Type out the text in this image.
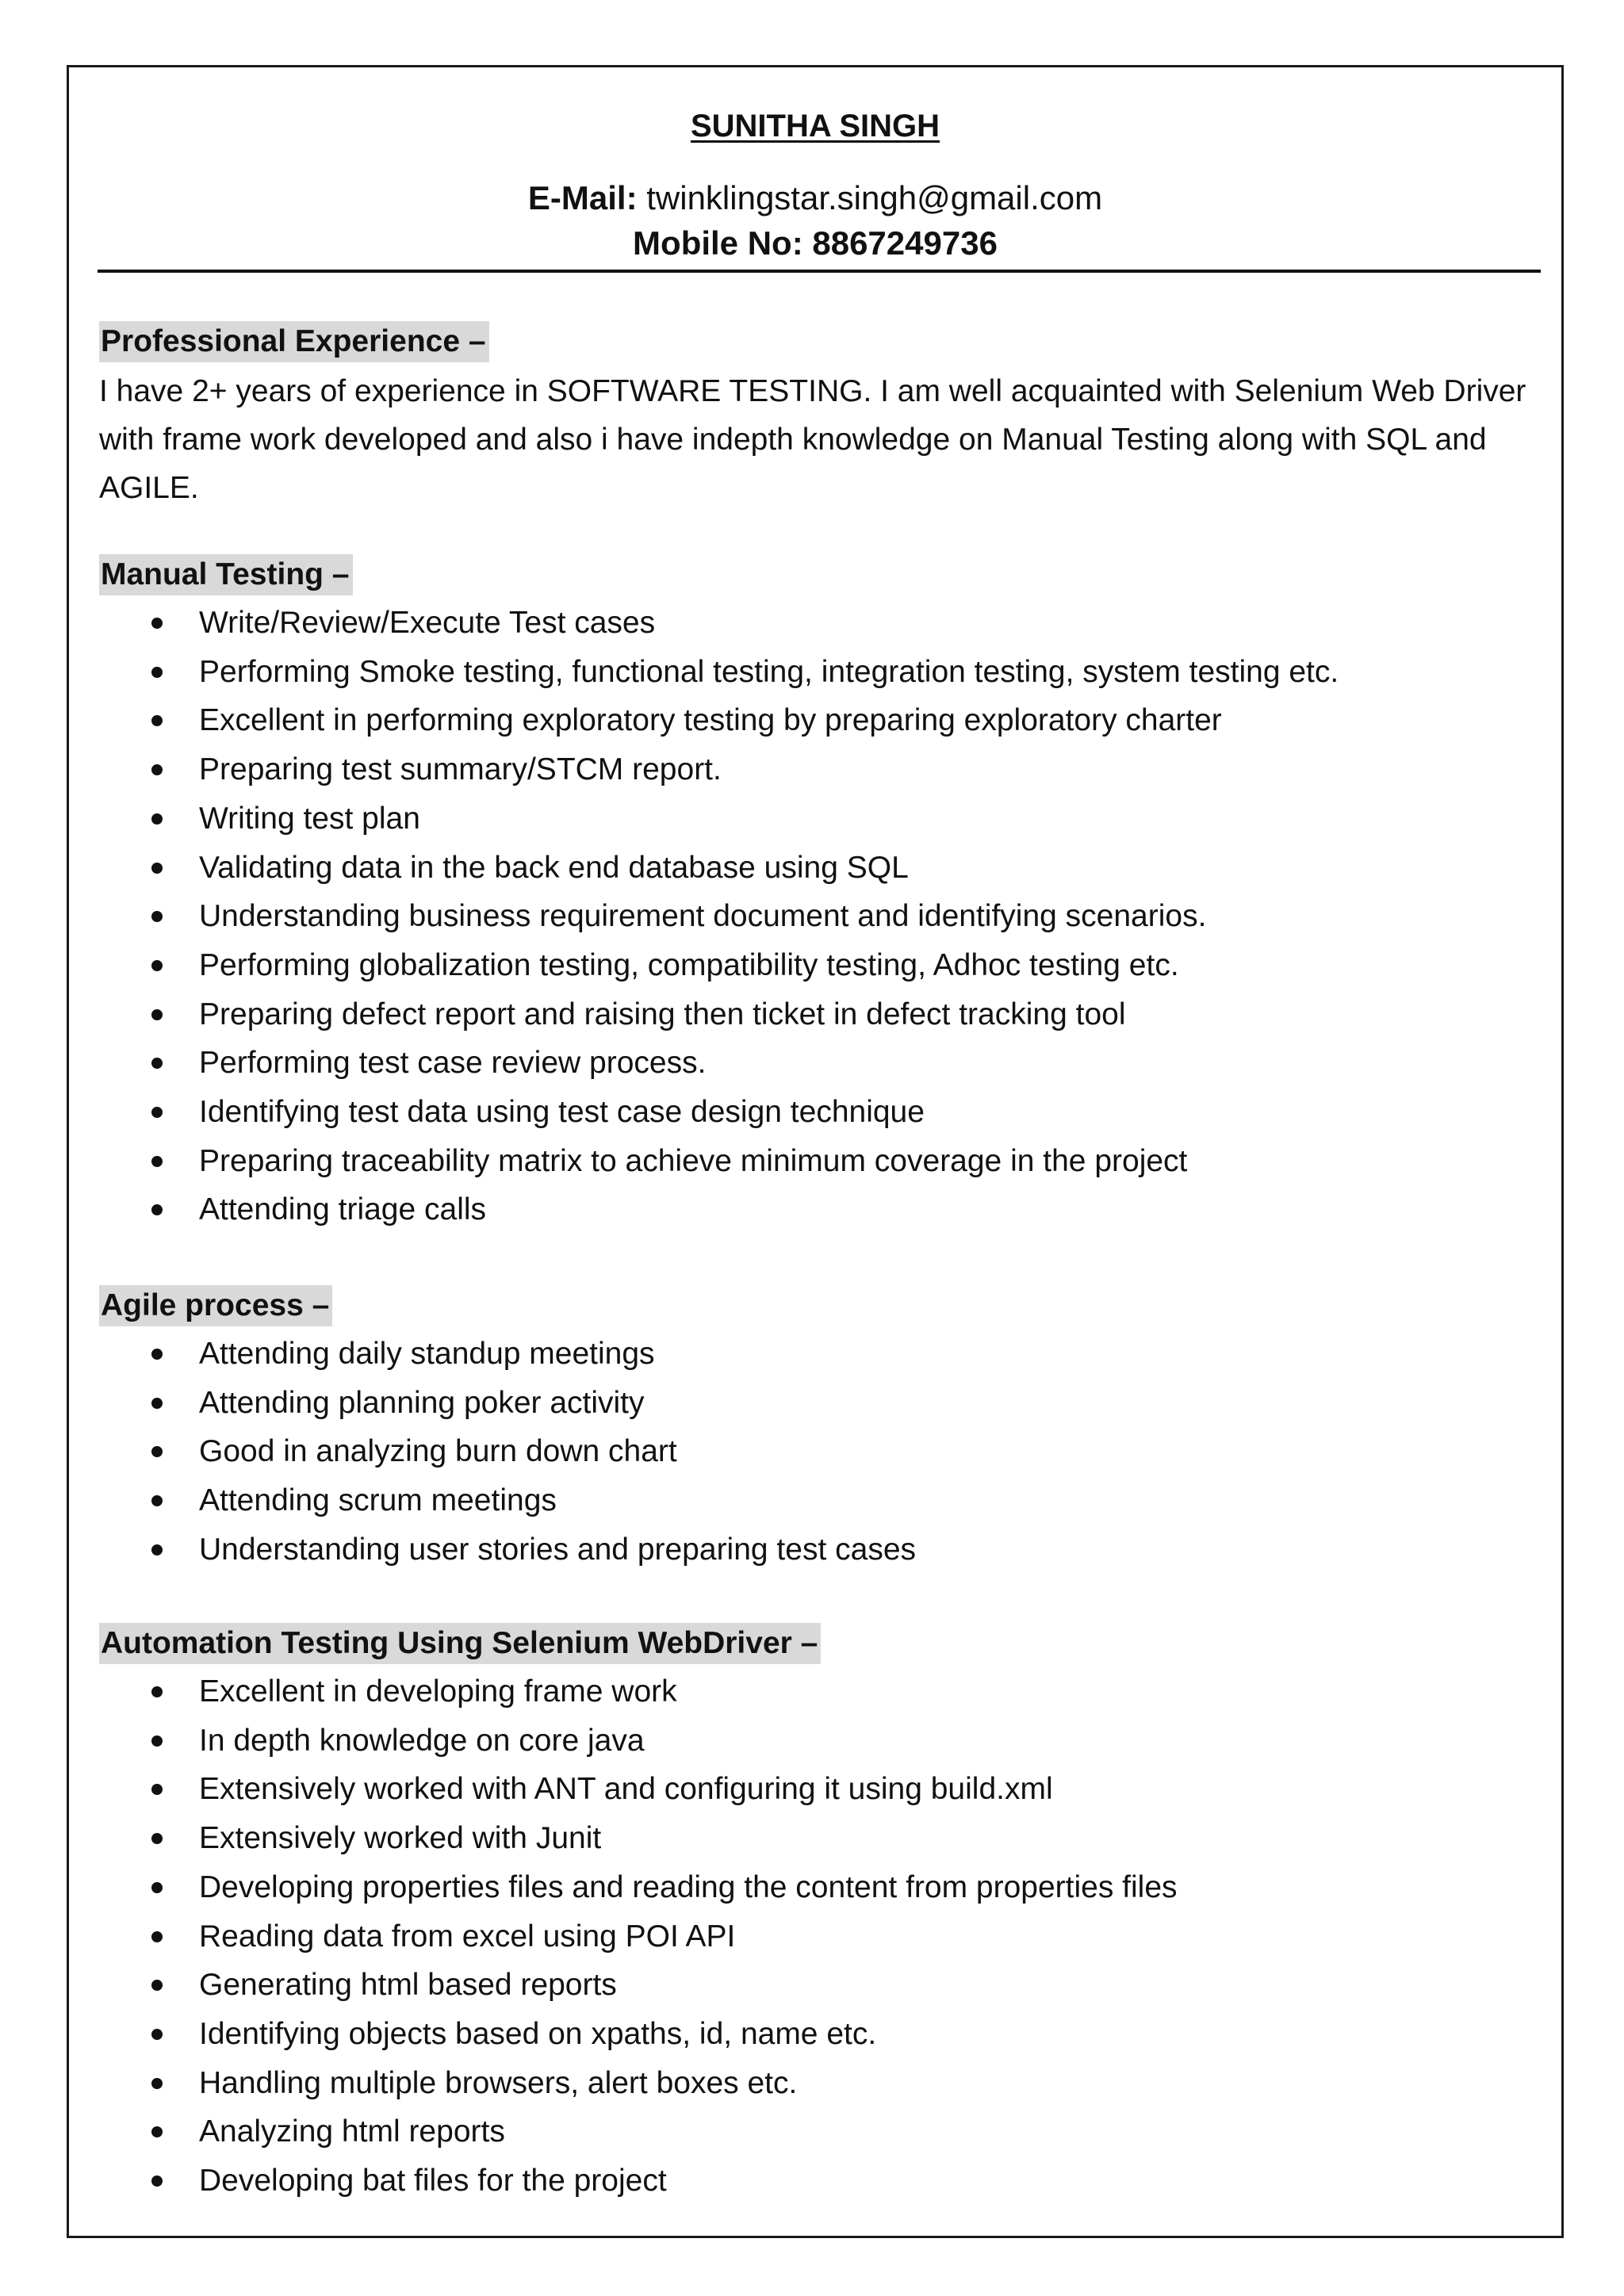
SUNITHA SINGH
E-Mail: twinklingstar.singh@gmail.com
Mobile No: 8867249736
Professional Experience –

I have 2+ years of experience in SOFTWARE TESTING. I am well acquainted with Selenium Web Driver with frame work developed and also i have indepth knowledge on Manual Testing along with SQL and AGILE.

Manual Testing –
Write/Review/Execute Test cases
Performing Smoke testing, functional testing, integration testing, system testing etc.
Excellent in performing exploratory testing by preparing exploratory charter
Preparing test summary/STCM report.
Writing test plan
Validating data in the back end database using SQL
Understanding business requirement document and identifying scenarios.
Performing globalization testing, compatibility testing, Adhoc testing etc.
Preparing defect report and raising then ticket in defect tracking tool
Performing test case review process.
Identifying test data using test case design technique
Preparing traceability matrix to achieve minimum coverage in the project
Attending triage calls
Agile process –
Attending daily standup meetings
Attending planning poker activity
Good in analyzing burn down chart
Attending scrum meetings
Understanding user stories and preparing test cases
Automation Testing Using Selenium WebDriver –
Excellent in developing frame work
In depth knowledge on core java
Extensively worked with ANT and configuring it using build.xml
Extensively worked with Junit
Developing properties files and reading the content from properties files
Reading data from excel using POI API
Generating html based reports
Identifying objects based on xpaths, id, name etc.
Handling multiple browsers, alert boxes etc.
Analyzing html reports
Developing bat files for the project
